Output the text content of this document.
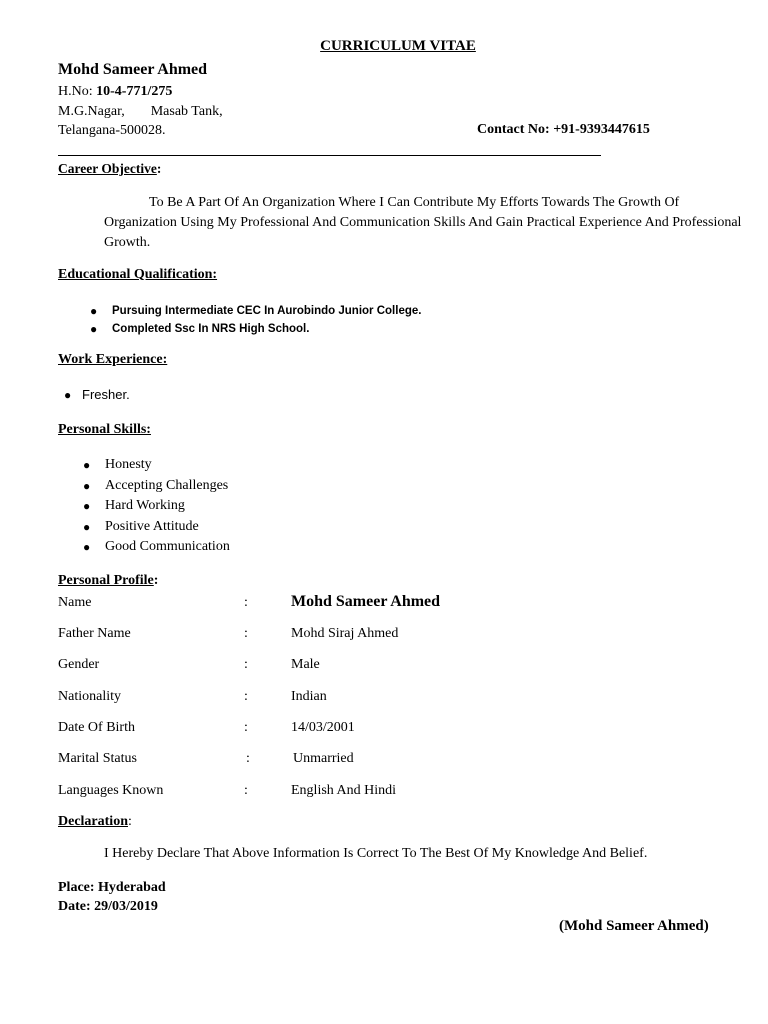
CURRICULUM VITAE
Mohd Sameer Ahmed
H.No: 10-4-771/275
M.G.Nagar, Masab Tank,
Telangana-500028.	Contact No: +91-9393447615
Career Objective:
To Be A Part Of An Organization Where I Can Contribute My Efforts Towards The Growth Of Organization Using My Professional And Communication Skills And Gain Practical Experience And Professional Growth.
Educational Qualification:
● Pursuing Intermediate CEC In Aurobindo Junior College.
● Completed Ssc In NRS High School.
Work Experience:
● Fresher.
Personal Skills:
● Honesty
● Accepting Challenges
● Hard Working
● Positive Attitude
● Good Communication
Personal Profile:
Name	:	Mohd Sameer Ahmed
Father Name	:	Mohd Siraj Ahmed
Gender	:	Male
Nationality	:	Indian
Date Of Birth	:	14/03/2001
Marital Status	:	Unmarried
Languages Known	:	English And Hindi
Declaration:
I Hereby Declare That Above Information Is Correct To The Best Of My Knowledge And Belief.
Place: Hyderabad
Date: 29/03/2019
(Mohd Sameer Ahmed)
